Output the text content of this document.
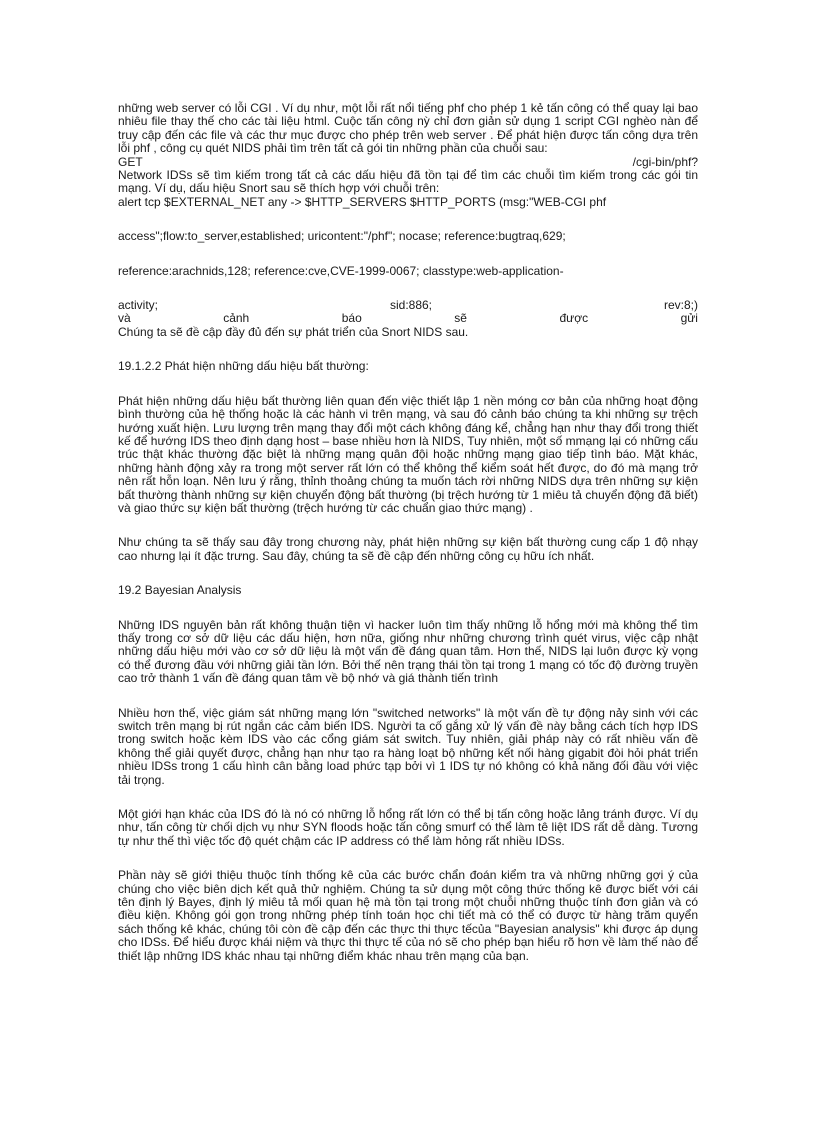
những web server có lỗi CGI . Ví dụ như, một lỗi rất nổi tiếng phf cho phép 1 kẻ tấn công có thể quay lại bao nhiêu file thay thế cho các tài liệu html. Cuộc tấn công nỳ chỉ đơn giản sử dụng 1 script CGI nghèo nàn để truy cập đến các file và các thư mục được cho phép trên web server . Để phát hiện được tấn công dựa trên lỗi phf , công cụ quét NIDS phải tìm trên tất cả gói tin những phần của chuỗi sau:

GET	/cgi-bin/phf?

Network IDSs sẽ tìm kiếm trong tất cả các dấu hiệu đã tồn tại để tìm các chuỗi tìm kiếm trong các gói tin mạng. Ví dụ, dấu hiệu Snort sau sẽ thích hợp với chuỗi trên:

alert tcp $EXTERNAL_NET any -> $HTTP_SERVERS $HTTP_PORTS (msg:"WEB-CGI phf

access";flow:to_server,established; uricontent:"/phf"; nocase; reference:bugtraq,629;

reference:arachnids,128; reference:cve,CVE-1999-0067; classtype:web-application-

activity;	sid:886;	rev:8;)
và	cảnh	báo	sẽ	được	gửi

Chúng ta sẽ đề cập đầy đủ đến sự phát triển của Snort NIDS sau.

19.1.2.2 Phát hiện những dấu hiệu bất thường:

Phát hiện những dấu hiệu bất thường liên quan đến việc thiết lập 1 nền móng cơ bản của những hoạt động bình thường của hệ thống hoặc là các hành vi trên mạng, và sau đó cảnh báo chúng ta khi những sự trệch hướng xuất hiện. Lưu lượng trên mạng thay đổi một cách không đáng kể, chẳng hạn như thay đổi trong thiết kế để hướng IDS theo định dạng host – base nhiều hơn là NIDS, Tuy nhiên, một số mmạng lại có những cấu trúc thật khác thường đặc biệt là những mạng quân đội hoặc những mạng giao tiếp tình báo. Mặt khác, những hành động xảy ra trong một server rất lớn có thể không thể kiểm soát hết được, do đó mà mạng trở nên rất hỗn loạn. Nên lưu ý rằng, thỉnh thoảng chúng ta muốn tách rời những NIDS dựa trên những sự kiện bất thường thành những sự kiện chuyển động bất thường (bị trệch hướng từ 1 miêu tả chuyển động đã biết) và giao thức sự kiện bất thường (trệch hướng từ các chuẩn giao thức mạng) .

Như chúng ta sẽ thấy sau đây trong chương này, phát hiện những sự kiện bất thường cung cấp 1 độ nhạy cao nhưng lại ít đặc trưng. Sau đây, chúng ta sẽ đề cập đến những công cụ hữu ích nhất.

19.2 Bayesian Analysis

Những IDS nguyên bản rất không thuận tiện vì hacker luôn tìm thấy những lỗ hổng mới mà không thể tìm thấy trong cơ sở dữ liệu các dấu hiện, hơn nữa, giống như những chương trình quét virus, việc cập nhật những dấu hiệu mới vào cơ sở dữ liệu là một vấn đề đáng quan tâm. Hơn thế, NIDS lại luôn được kỳ vọng có thể đương đầu với những giải tần lớn. Bởi thế nên trạng thái tồn tại trong 1 mạng có tốc độ đường truyền cao trở thành 1 vấn đề đáng quan tâm về bộ nhớ và giá thành tiến trình

Nhiều hơn thế, việc giám sát những mạng lớn "switched networks" là một vấn đề tự động nảy sinh với các switch trên mạng bị rút ngắn các cảm biến IDS. Người ta cố gắng xử lý vấn đề này bằng cách tích hợp IDS trong switch hoặc kèm IDS vào các cổng giám sát switch. Tuy nhiên, giải pháp này có rất nhiều vấn đề không thể giải quyết được, chẳng hạn như tạo ra hàng loạt bộ những kết nối hàng gigabit đòi hỏi phát triển nhiều IDSs trong 1 cấu hình cân bằng load phức tạp bởi vì 1 IDS tự nó không có khả năng đối đầu với việc tải trọng.

Một giới hạn khác của IDS đó là nó có những lỗ hổng rất lớn có thể bị tấn công hoặc lảng tránh được. Ví dụ như, tấn công từ chối dịch vụ như SYN floods hoặc tấn công smurf có thể làm tê liệt IDS rất dễ dàng. Tương tự như thế thì việc tốc độ quét chậm các IP address có thể làm hỏng rất nhiều IDSs.

Phần này sẽ giới thiệu thuộc tính thống kê của các bước chẩn đoán kiểm tra và những những gợi ý của chúng cho việc biên dịch kết quả thử nghiệm. Chúng ta sử dụng một công thức thống kê được biết với cái tên định lý Bayes, định lý miêu tả mối quan hệ mà tồn tại trong một chuỗi những thuộc tính đơn giản và có điều kiện. Không gói gọn trong những phép tính toán học chi tiết mà có thể có được từ hàng trăm quyển sách thống kê khác, chúng tôi còn đề cập đến các thực thi thực tếcủa "Bayesian analysis" khi được áp dụng cho IDSs. Để hiểu được khái niệm và thực thi thực tế của nó sẽ cho phép bạn hiểu rõ hơn về làm thế nào để thiết lập những IDS khác nhau tại những điểm khác nhau trên mạng của bạn.
